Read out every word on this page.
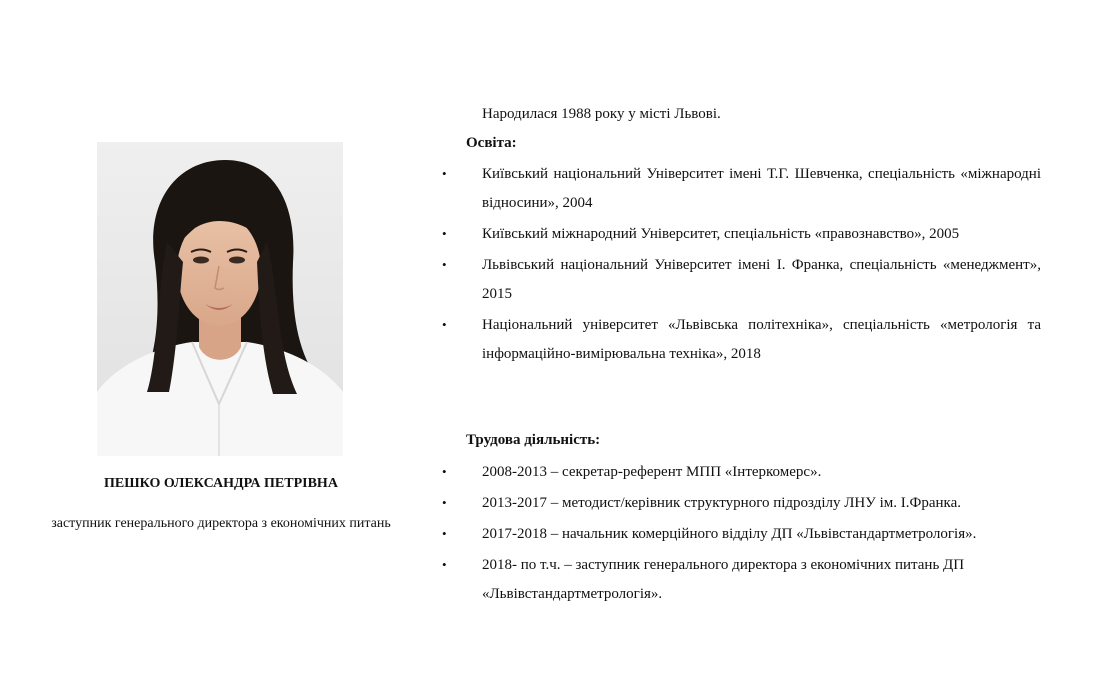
ПЕШКО ОЛЕКСАНДРА ПЕТРІВНА
заступник генерального директора з економічних питань
Народилася 1988 року у місті Львові.
Освіта:
• Київський національний Університет імені Т.Г. Шевченка, спеціальність «міжнародні відносини», 2004
• Київський міжнародний Університет, спеціальність «правознавство», 2005
• Львівський національний Університет імені І. Франка, спеціальність «менеджмент», 2015
• Національний університет «Львівська політехніка», спеціальність «метрологія та інформаційно-вимірювальна техніка», 2018
Трудова діяльність:
• 2008-2013 – секретар-референт МПП «Інтеркомерс».
• 2013-2017 – методист/керівник структурного підрозділу ЛНУ ім. І.Франка.
• 2017-2018 – начальник комерційного відділу ДП «Львівстандартметрологія».
• 2018- по т.ч. – заступник генерального директора з економічних питань ДП «Львівстандартметрологія».
